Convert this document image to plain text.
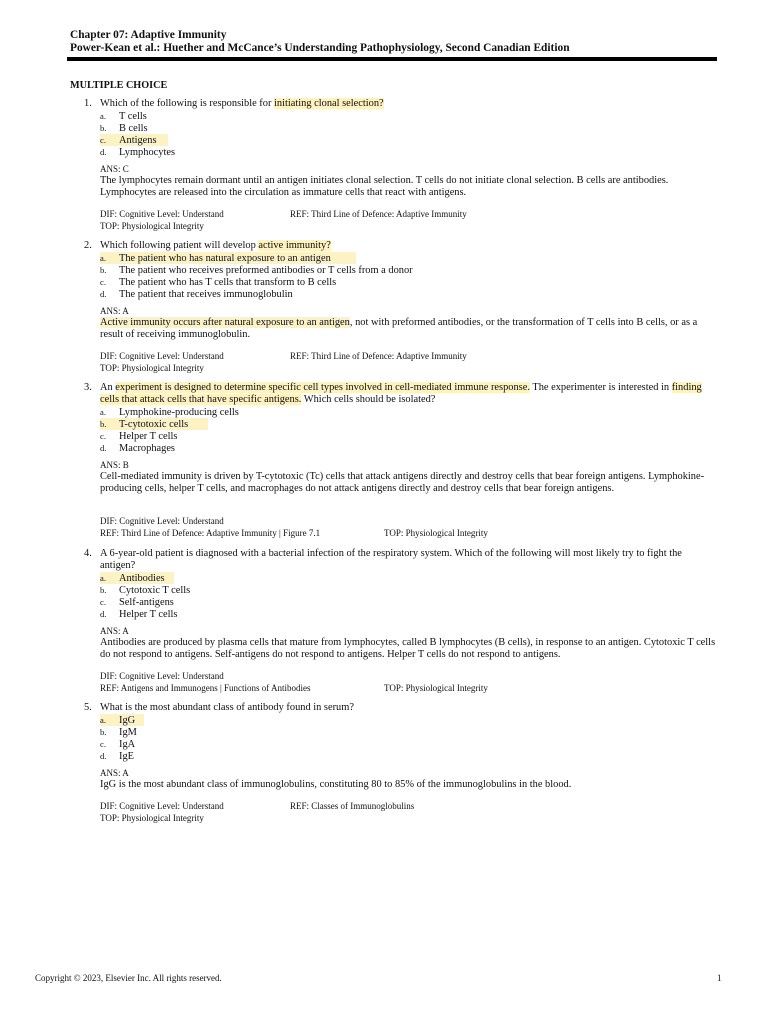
Chapter 07: Adaptive Immunity
Power-Kean et al.: Huether and McCance’s Understanding Pathophysiology, Second Canadian Edition
MULTIPLE CHOICE
1. Which of the following is responsible for initiating clonal selection?
a. T cells
b. B cells
c. Antigens
d. Lymphocytes
ANS: C
The lymphocytes remain dormant until an antigen initiates clonal selection. T cells do not initiate clonal selection. B cells are antibodies. Lymphocytes are released into the circulation as immature cells that react with antigens.
DIF: Cognitive Level: Understand	REF: Third Line of Defence: Adaptive Immunity
TOP: Physiological Integrity
2. Which following patient will develop active immunity?
a. The patient who has natural exposure to an antigen
b. The patient who receives preformed antibodies or T cells from a donor
c. The patient who has T cells that transform to B cells
d. The patient that receives immunoglobulin
ANS: A
Active immunity occurs after natural exposure to an antigen, not with preformed antibodies, or the transformation of T cells into B cells, or as a result of receiving immunoglobulin.
DIF: Cognitive Level: Understand	REF: Third Line of Defence: Adaptive Immunity
TOP: Physiological Integrity
3. An experiment is designed to determine specific cell types involved in cell-mediated immune response. The experimenter is interested in finding cells that attack cells that have specific antigens. Which cells should be isolated?
a. Lymphokine-producing cells
b. T-cytotoxic cells
c. Helper T cells
d. Macrophages
ANS: B
Cell-mediated immunity is driven by T-cytotoxic (Tc) cells that attack antigens directly and destroy cells that bear foreign antigens. Lymphokine-producing cells, helper T cells, and macrophages do not attack antigens directly and destroy cells that bear foreign antigens.
DIF: Cognitive Level: Understand
REF: Third Line of Defence: Adaptive Immunity | Figure 7.1	TOP: Physiological Integrity
4. A 6-year-old patient is diagnosed with a bacterial infection of the respiratory system. Which of the following will most likely try to fight the antigen?
a. Antibodies
b. Cytotoxic T cells
c. Self-antigens
d. Helper T cells
ANS: A
Antibodies are produced by plasma cells that mature from lymphocytes, called B lymphocytes (B cells), in response to an antigen. Cytotoxic T cells do not respond to antigens. Self-antigens do not respond to antigens. Helper T cells do not respond to antigens.
DIF: Cognitive Level: Understand
REF: Antigens and Immunogens | Functions of Antibodies	TOP: Physiological Integrity
5. What is the most abundant class of antibody found in serum?
a. IgG
b. IgM
c. IgA
d. IgE
ANS: A
IgG is the most abundant class of immunoglobulins, constituting 80 to 85% of the immunoglobulins in the blood.
DIF: Cognitive Level: Understand	REF: Classes of Immunoglobulins
TOP: Physiological Integrity
Copyright © 2023, Elsevier Inc. All rights reserved.	1
